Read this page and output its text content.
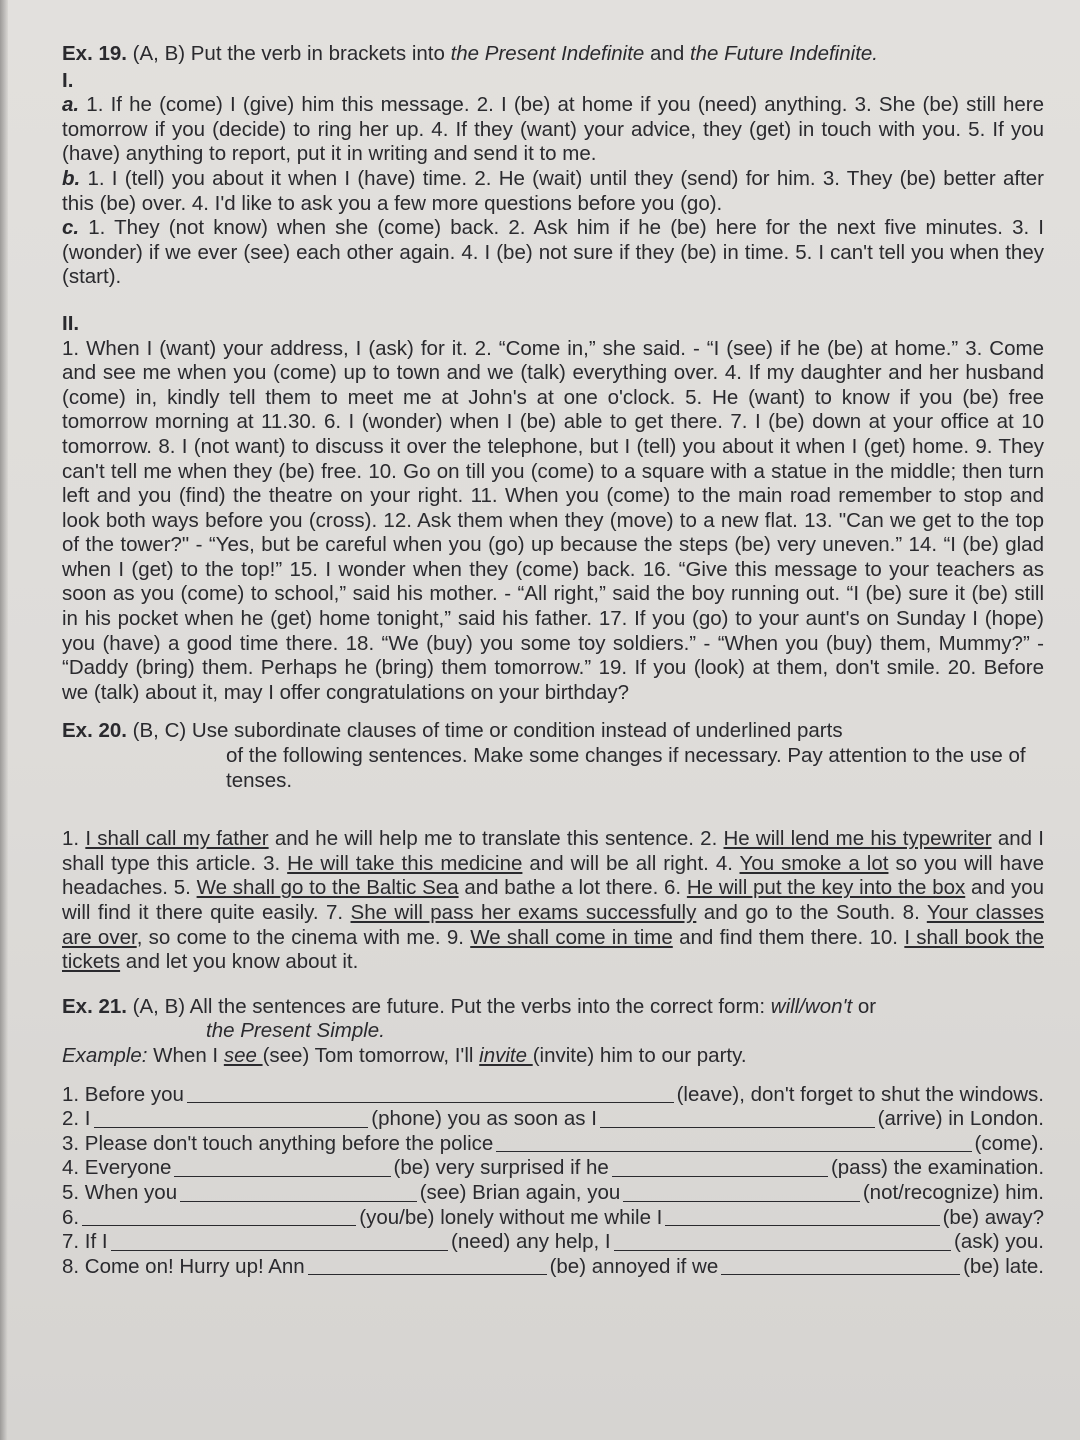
Ex. 19. (A, B) Put the verb in brackets into the Present Indefinite and the Future Indefinite.

I.

a. 1. If he (come) I (give) him this message. 2. I (be) at home if you (need) anything. 3. She (be) still here tomorrow if you (decide) to ring her up. 4. If they (want) your advice, they (get) in touch with you. 5. If you (have) anything to report, put it in writing and send it to me.

b. 1. I (tell) you about it when I (have) time. 2. He (wait) until they (send) for him. 3. They (be) better after this (be) over. 4. I'd like to ask you a few more questions before you (go).

c. 1. They (not know) when she (come) back. 2. Ask him if he (be) here for the next five minutes. 3. I (wonder) if we ever (see) each other again. 4. I (be) not sure if they (be) in time. 5. I can't tell you when they (start).

II.

1. When I (want) your address, I (ask) for it. 2. “Come in,” she said. - “I (see) if he (be) at home.” 3. Come and see me when you (come) up to town and we (talk) everything over. 4. If my daughter and her husband (come) in, kindly tell them to meet me at John's at one o'clock. 5. He (want) to know if you (be) free tomorrow morning at 11.30. 6. I (wonder) when I (be) able to get there. 7. I (be) down at your office at 10 tomorrow. 8. I (not want) to discuss it over the telephone, but I (tell) you about it when I (get) home. 9. They can't tell me when they (be) free. 10. Go on till you (come) to a square with a statue in the middle; then turn left and you (find) the theatre on your right. 11. When you (come) to the main road remember to stop and look both ways before you (cross). 12. Ask them when they (move) to a new flat. 13. "Can we get to the top of the tower?" - “Yes, but be careful when you (go) up because the steps (be) very uneven.” 14. “I (be) glad when I (get) to the top!” 15. I wonder when they (come) back. 16. “Give this message to your teachers as soon as you (come) to school,” said his mother. - “All right,” said the boy running out. “I (be) sure it (be) still in his pocket when he (get) home tonight,” said his father. 17. If you (go) to your aunt's on Sunday I (hope) you (have) a good time there. 18. “We (buy) you some toy soldiers.” - “When you (buy) them, Mummy?” - “Daddy (bring) them. Perhaps he (bring) them tomorrow.” 19. If you (look) at them, don't smile. 20. Before we (talk) about it, may I offer congratulations on your birthday?

Ex. 20. (B, C) Use subordinate clauses of time or condition instead of underlined parts

of the following sentences. Make some changes if necessary. Pay attention to the use of tenses.

1. I shall call my father and he will help me to translate this sentence. 2. He will lend me his typewriter and I shall type this article. 3. He will take this medicine and will be all right. 4. You smoke a lot so you will have headaches. 5. We shall go to the Baltic Sea and bathe a lot there. 6. He will put the key into the box and you will find it there quite easily. 7. She will pass her exams successfully and go to the South. 8. Your classes are over, so come to the cinema with me. 9. We shall come in time and find them there. 10. I shall book the tickets and let you know about it.

Ex. 21. (A, B) All the sentences are future. Put the verbs into the correct form: will/won't or

the Present Simple.

Example: When I see (see) Tom tomorrow, I'll invite (invite) him to our party.

1. Before you	(leave), don't forget to shut the windows.
2. I	(phone) you as soon as I	(arrive) in London.
3. Please don't touch anything before the police	(come).
4. Everyone	(be) very surprised if he	(pass) the examination.
5. When you	(see) Brian again, you	(not/recognize) him.
6.	(you/be) lonely without me while I	(be) away?
7. If I	(need) any help, I	(ask) you.
8. Come on! Hurry up! Ann	(be) annoyed if we	(be) late.
